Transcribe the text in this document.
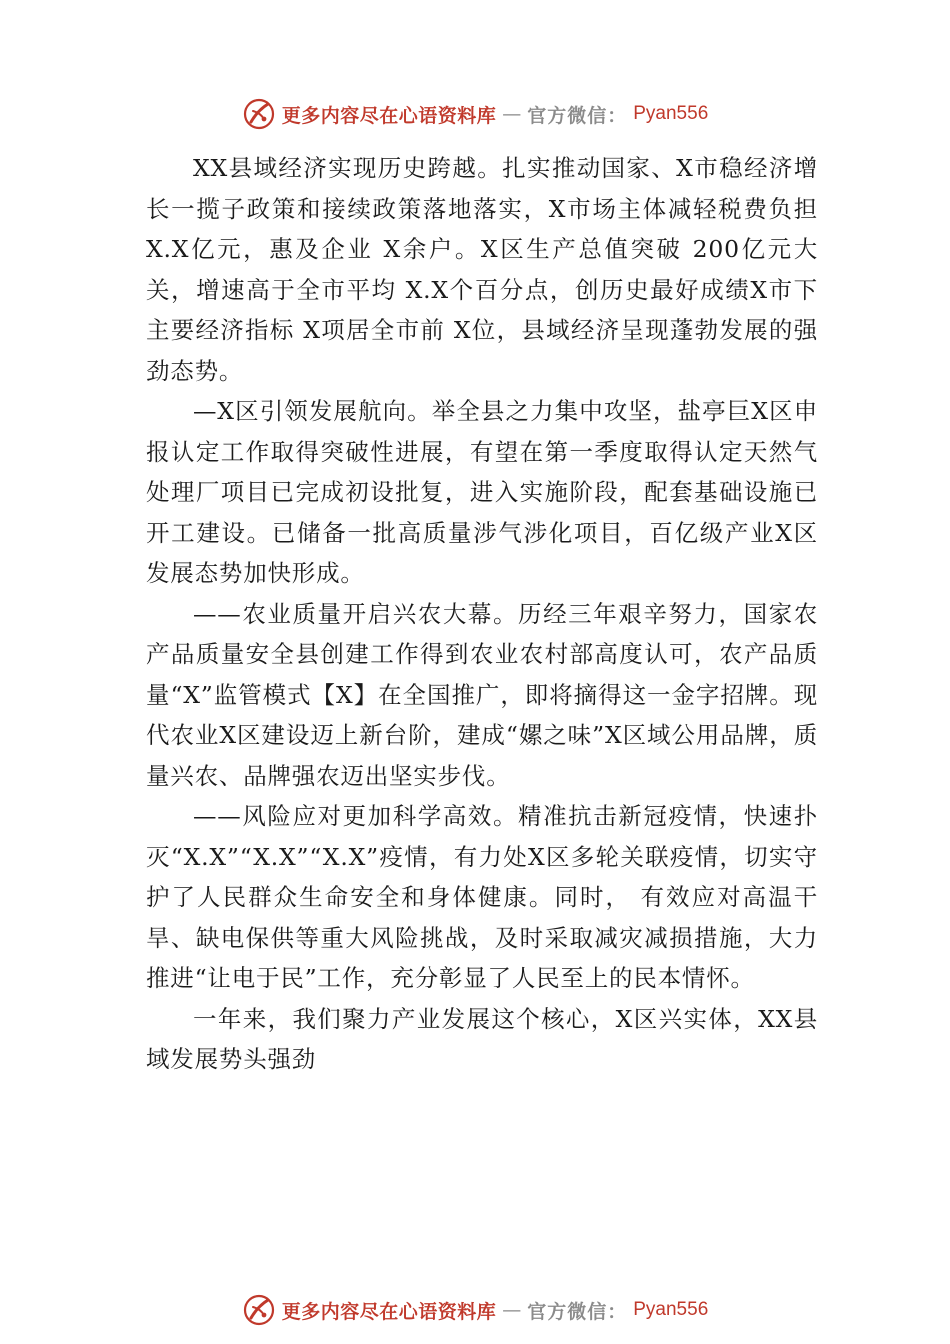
更多内容尽在心语资料库 — 官方微信： Pyan556

XX县域经济实现历史跨越。扎实推动国家、X市稳经济增长一揽子政策和接续政策落地落实，X市场主体减轻税费负担 X.X亿元，惠及企业 X余户。X区生产总值突破 200亿元大关，增速高于全市平均 X.X个百分点，创历史最好成绩X市下主要经济指标 X项居全市前 X位，县域经济呈现蓬勃发展的强劲态势。

—X区引领发展航向。举全县之力集中攻坚，盐亭巨X区申报认定工作取得突破性进展，有望在第一季度取得认定天然气处理厂项目已完成初设批复，进入实施阶段，配套基础设施已开工建设。已储备一批高质量涉气涉化项目，百亿级产业X区发展态势加快形成。

——农业质量开启兴农大幕。历经三年艰辛努力，国家农产品质量安全县创建工作得到农业农村部高度认可，农产品质量“X”监管模式【X】在全国推广，即将摘得这一金字招牌。现代农业X区建设迈上新台阶，建成“嫘之味”X区域公用品牌，质量兴农、品牌强农迈出坚实步伐。

——风险应对更加科学高效。精准抗击新冠疫情，快速扑灭“X.X”“X.X”“X.X”疫情，有力处X区多轮关联疫情，切实守护了人民群众生命安全和身体健康。同时， 有效应对高温干旱、缺电保供等重大风险挑战，及时采取减灾减损措施，大力推进“让电于民”工作，充分彰显了人民至上的民本情怀。

一年来，我们聚力产业发展这个核心，X区兴实体，XX县域发展势头强劲

更多内容尽在心语资料库 — 官方微信： Pyan556
